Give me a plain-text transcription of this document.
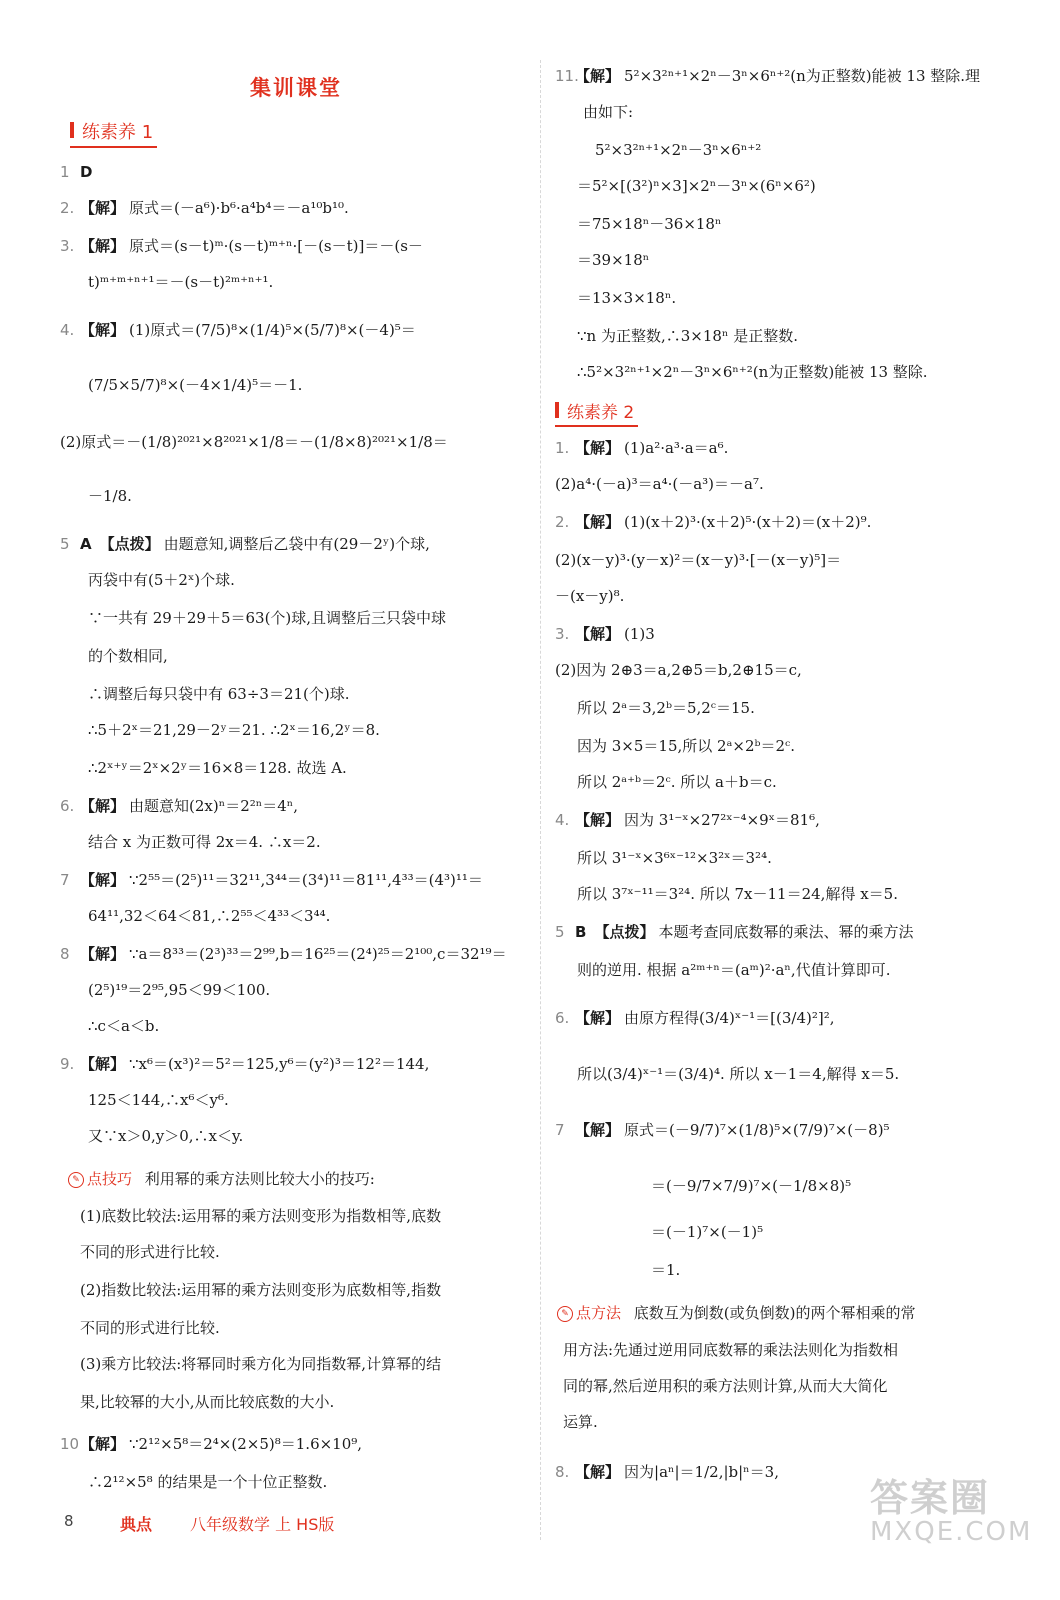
集训课堂
练素养 1
练素养 2
1 D
2. 【解】 原式＝(－a⁶)·b⁶·a⁴b⁴＝－a¹⁰b¹⁰.
3. 【解】 原式＝(s－t)ᵐ·(s－t)ᵐ⁺ⁿ·[－(s－t)]＝－(s－
t)ᵐ⁺ᵐ⁺ⁿ⁺¹＝－(s－t)²ᵐ⁺ⁿ⁺¹.
4. 【解】 (1)原式＝(7/5)⁸×(1/4)⁵×(5/7)⁸×(－4)⁵＝
(7/5×5/7)⁸×(－4×1/4)⁵＝－1.
(2)原式＝－(1/8)²⁰²¹×8²⁰²¹×1/8＝－(1/8×8)²⁰²¹×1/8＝
－1/8.
5 A 【点拨】 由题意知,调整后乙袋中有(29－2ʸ)个球,
丙袋中有(5＋2ˣ)个球.
∵一共有 29＋29＋5＝63(个)球,且调整后三只袋中球
的个数相同,
∴调整后每只袋中有 63÷3＝21(个)球.
∴5＋2ˣ＝21,29－2ʸ＝21. ∴2ˣ＝16,2ʸ＝8.
∴2ˣ⁺ʸ＝2ˣ×2ʸ＝16×8＝128. 故选 A.
6. 【解】 由题意知(2x)ⁿ＝2²ⁿ＝4ⁿ,
结合 x 为正数可得 2x＝4. ∴x＝2.
7 【解】 ∵2⁵⁵＝(2⁵)¹¹＝32¹¹,3⁴⁴＝(3⁴)¹¹＝81¹¹,4³³＝(4³)¹¹＝
64¹¹,32＜64＜81,∴2⁵⁵＜4³³＜3⁴⁴.
8 【解】 ∵a＝8³³＝(2³)³³＝2⁹⁹,b＝16²⁵＝(2⁴)²⁵＝2¹⁰⁰,c＝32¹⁹＝
(2⁵)¹⁹＝2⁹⁵,95＜99＜100.
∴c＜a＜b.
9. 【解】 ∵x⁶＝(x³)²＝5²＝125,y⁶＝(y²)³＝12²＝144,
125＜144,∴x⁶＜y⁶.
又∵x＞0,y＞0,∴x＜y.
(1)底数比较法:运用幂的乘方法则变形为指数相等,底数
不同的形式进行比较.
(2)指数比较法:运用幂的乘方法则变形为底数相等,指数
不同的形式进行比较.
(3)乘方比较法:将幂同时乘方化为同指数幂,计算幂的结
果,比较幂的大小,从而比较底数的大小.
10【解】 ∵2¹²×5⁸＝2⁴×(2×5)⁸＝1.6×10⁹,
∴2¹²×5⁸ 的结果是一个十位正整数.
11.【解】 5²×3²ⁿ⁺¹×2ⁿ－3ⁿ×6ⁿ⁺²(n为正整数)能被 13 整除.理
由如下:
5²×3²ⁿ⁺¹×2ⁿ－3ⁿ×6ⁿ⁺²
＝5²×[(3²)ⁿ×3]×2ⁿ－3ⁿ×(6ⁿ×6²)
＝75×18ⁿ－36×18ⁿ
＝39×18ⁿ
＝13×3×18ⁿ.
∵n 为正整数,∴3×18ⁿ 是正整数.
∴5²×3²ⁿ⁺¹×2ⁿ－3ⁿ×6ⁿ⁺²(n为正整数)能被 13 整除.
1. 【解】 (1)a²·a³·a＝a⁶.
(2)a⁴·(－a)³＝a⁴·(－a³)＝－a⁷.
2. 【解】 (1)(x＋2)³·(x＋2)⁵·(x＋2)＝(x＋2)⁹.
(2)(x－y)³·(y－x)²＝(x－y)³·[－(x－y)⁵]＝
－(x－y)⁸.
3. 【解】 (1)3
(2)因为 2⊕3＝a,2⊕5＝b,2⊕15＝c,
所以 2ᵃ＝3,2ᵇ＝5,2ᶜ＝15.
因为 3×5＝15,所以 2ᵃ×2ᵇ＝2ᶜ.
所以 2ᵃ⁺ᵇ＝2ᶜ. 所以 a＋b＝c.
4. 【解】 因为 3¹⁻ˣ×27²ˣ⁻⁴×9ˣ＝81⁶,
所以 3¹⁻ˣ×3⁶ˣ⁻¹²×3²ˣ＝3²⁴.
所以 3⁷ˣ⁻¹¹＝3²⁴. 所以 7x－11＝24,解得 x＝5.
5 B 【点拨】 本题考查同底数幂的乘法、幂的乘方法
则的逆用. 根据 a²ᵐ⁺ⁿ＝(aᵐ)²·aⁿ,代值计算即可.
6. 【解】 由原方程得(3/4)ˣ⁻¹＝[(3/4)²]²,
所以(3/4)ˣ⁻¹＝(3/4)⁴. 所以 x－1＝4,解得 x＝5.
7 【解】 原式＝(－9/7)⁷×(1/8)⁵×(7/9)⁷×(－8)⁵
＝(－9/7×7/9)⁷×(－1/8×8)⁵
＝(－1)⁷×(－1)⁵
＝1.
用方法:先通过逆用同底数幂的乘法法则化为指数相
同的幂,然后逆用积的乘方法则计算,从而大大简化
运算.
8. 【解】 因为|aⁿ|＝1/2,|b|ⁿ＝3,
✎ 点技巧 利用幂的乘方法则比较大小的技巧:
✎ 点方法 底数互为倒数(或负倒数)的两个幂相乘的常
8	典点 八年级数学 上 HS版
答案圈
MXQE.COM
